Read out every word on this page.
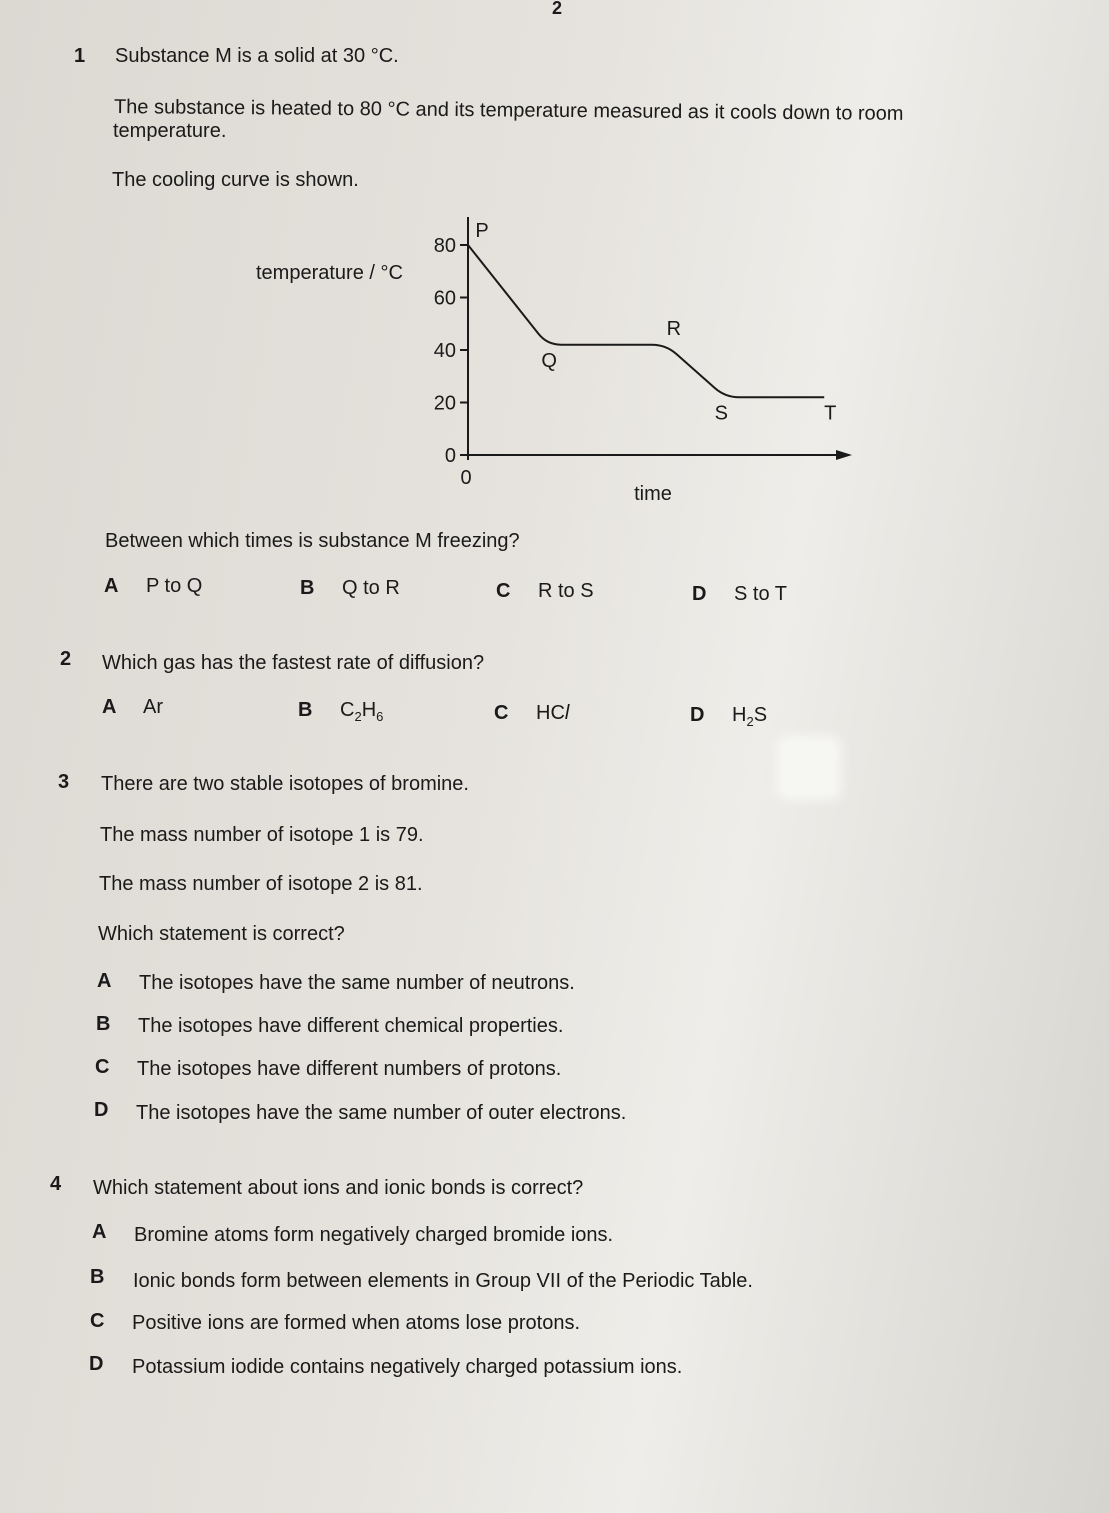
2
1 Substance M is a solid at 30 °C.
The substance is heated to 80 °C and its temperature measured as it cools down to room
temperature.
The cooling curve is shown.
temperature / °C
0
20
40
60
80
0
time
P
Q
R
S	T
Between which times is substance M freezing?
A P to Q	B Q to R	C R to S	D S to T
2 Which gas has the fastest rate of diffusion?
A Ar	B $C_2H_6$	C HCl	D $H_2S$
3 There are two stable isotopes of bromine.
The mass number of isotope 1 is 79.
The mass number of isotope 2 is 81.
Which statement is correct?
A The isotopes have the same number of neutrons.
B The isotopes have different chemical properties.
C The isotopes have different numbers of protons.
D The isotopes have the same number of outer electrons.
4 Which statement about ions and ionic bonds is correct?
A Bromine atoms form negatively charged bromide ions.
B Ionic bonds form between elements in Group VII of the Periodic Table.
C Positive ions are formed when atoms lose protons.
D Potassium iodide contains negatively charged potassium ions.
